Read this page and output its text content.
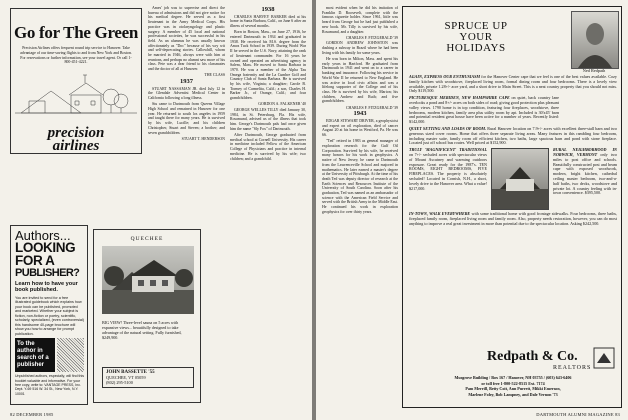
Go for The Green
Precision Airlines offers frequent round trip service to Hanover. Take advantage of our time-saving flights to and from New York and Boston. For reservations or further information, see your travel agent. Or call 1-800-451-4221.
precision
airlines
Authors...
LOOKING
FOR A
PUBLISHER?
Learn how to have your book published.
You are invited to send for a free illustrated guidebook which explains how your book can be published, promoted and marketed. Whether your subject is fiction, non-fiction or poetry, scientific, scholarly, specialized, (even controversial) this handsome 40-page brochure will show you how to arrange for prompt publication.
To the author in search of a publisher
Unpublished authors, especially, will find this booklet valuable and informative. For your free copy, write to: VANTAGE PRESS, Inc. Dept. Y-69 516 W. 34 St., New York, N.Y. 10001
QUECHEE
BIG VIEW! Three-level sauna on 5 acres with expansive views... beautifully designed to take advantage of the natural setting. Fully furnished, $249,900.
JOHN BASSETTE '55
QUECHEE, VT 05059
(802) 295-5100

Ames' job was to supervise and direct the bureau of admissions and did not give notice for his medical degree. He served as a first lieutenant in the Army Medical Corps. His practice was in otolaryngology and plastic surgery. A member of 45 local and national professional societies, he was successful in his field. As an alumnus he was usually known affectionately as "Doc" because of his wry wit and self-deprecating stories. Callowhill, whom he married in 1946, always were with him at reunions, and perhaps no alumni saw more of his class. Pete was a dear friend to his classmates and the doctor of all at Hanover.

THE CLASS
1937

STUART NASSAMAN JR. died July 12 in the Glendale Adventist Medical Center in California following a long illness.

Stu came to Dartmouth from Queens Village High School and remained in Hanover for one year. He returned to south los angeles in 1959 and taught there for many years. He is survived by his wife, Lucille; and his children Christopher, Stuart and Steven; a brother; and seven grandchildren.

STUART T. HENDERSON
1938

CHARLES HARVEY BARKER died at his home in Santa Barbara, Calif., on June 6 after an illness of several months.

Born in Boston, Mass., on June 27, 1916, he entered Dartmouth in 1934 and graduated in 1938. He received his M.S. degree from the Amos Tuck School in 1939. During World War II he served in the U.S. Navy, attaining the rank of lieutenant commander. For 16 years he owned and operated an advertising agency in Salem, Mass. He moved to Santa Barbara in 1970. He was a member of the Alpha Tau Omega fraternity and the La Cumbre Golf and Country Club of Santa Barbara. He is survived by his wife, Virginia; a daughter; Carole B. Tormey of Carmelita, Calif.; a son, Charles H. Barker Jr., of Orange, Calif.; and four grandchildren.

GORDON A. FALKENER '40

GEORGE WELLES TILLY died January 30, 1984, in St. Petersburg, Fla. His wife, Rosamund, advised us of the illness that took him. George's Dartmouth pals had once given him the name "Sly Fox" of Dartmouth.

After Dartmouth, George graduated from medical school at Cornell University. His career in medicine included Fellow of the American College of Physicians and practice in internal medicine. He is survived by his wife; two children; and a grandchild.

82 DECEMBER 1985

most evident when he did his imitation of Franklin D. Roosevelt, complete with the famous cigarette holder. Since 1961, little was heard from George but he had just published a new book. Mr. Tilly is survived by his wife, Rosamund, and a daughter.

CHARLES F. FITZGERALD '39

GORDON ANDREW JOHNSTON was dashing a subway in Brazil where he had been living with his family for some years.

He was born in Milton, Mass. and spent his early years in Hartford. He graduated from Dartmouth in 1941 and went on to a career in banking and insurance. Following his service in World War II he returned to New England. He was active in local civic affairs and was a lifelong supporter of the College and of his class. He is survived by his wife, Marion; his children, Andrew and Ruth; and five grandchildren.

CHARLES F. FITZGERALD '39
1943

EDGAR STEWART DRIVER, a geophysicist and expert on oil exploration, died of cancer August 20 at his home in Westford, Pa. He was 66.

"Ted" retired in 1983 as general manager of exploration research for the Gulf Oil Corporation. Survived by his wife, he received many honors for his work in geophysics. A native of New Jersey, he came to Dartmouth from the Lawrenceville School and majored in mathematics. He later earned a master's degree at the University of Pittsburgh. At the time of his death Ted was deputy director of research at the Earth Sciences and Resources Institute of the University of South Carolina. Soon after his graduation, Ted was named as an ambassador of science with the American Field Service and served with the British Army in the Middle East. He continued his work in exploration geophysics for over thirty years.

SPRUCE UP
YOUR
HOLIDAYS
Ned Redpath
AGAIN, EXPRESS OUR ENTHUSIASM for the Hanover Center cape that we feel is one of the best values available. Cozy family kitchen with woodstove, fireplaced living room, formal dining room and four bedrooms. There is a lovely view available, private 1.28+/- acre yard, and a short drive to Main Street. This is a neat country property that you should not miss. Only $119,500.
PICTURESQUE MERIDEN, NEW HAMPSHIRE CAPE on quiet, back country lane overlooks a pond and 8+/- acres on both sides of road; giving good protection plus pleasant valley views. 1790 home is in top condition, featuring four fireplaces, woodstove, three bedrooms, modern kitchen, family area plus utility room by apt. Included is 30'x45' barn and potential resident great house have been active for a number of years. Recently listed: $142,000.
QUIET SETTING AND LOADS OF ROOM. Rural Hanover location on 7.9+/- acres with excellent three-stall barn and two generous sized cover rooms. Home that offers three separate living areas. Many features in this rambling four bedroom, including master suite, family room off efficient kitchen, two baths, large spacious barn and pond with stone fireplace. Located just off school bus routes. Well priced at $152,900.
TRULY 'MAGNIFICENT' TRADITIONAL on 7+/- secluded acres with spectacular views of Mount Ascutney and warming outdoors exposure. Great ready for the 1987's. TEN ROOMS, EIGHT BEDROOMS, FIVE FIREPLACES. The property is absolutely secluded! Located in Cornish, N.H., a short, lovely drive to the Hanover area. What a value! $217,000.
RURAL NEIGHBORHOOD IN NORWICH, VERMONT only two miles to post office and schools. Beautifully constructed post and beam cape with exposed woodwork, modern, bright kitchen, cathedral ceiling master bedroom, two-and-a-half baths, two decks, woodstove and private lot. A country feeling with in-town convenience. $395,500.
IN-TOWN, WALK EVERYWHERE with some traditional home with good frontage sidewalks. Four bedrooms, three baths, fireplaced family room, fireplaced living room and family room. Also, property needs restoration, however, you can do most anything to improve a real great investment in more than potential due to the spectacular location. Asking $242,500.
Redpath & Co.
REALTORS
Musgrove Building / Box 167 / Hanover, NH 03755 / (603) 643-6406
or toll free 1-800-522-8515 Ext. 7174
Pam Merrill, Betty Coit, Ann Purrett, Mikki Emerson,
Marlene Foley, Bob Lampney, and Dale Vernon '73
DARTMOUTH ALUMNI MAGAZINE 83
